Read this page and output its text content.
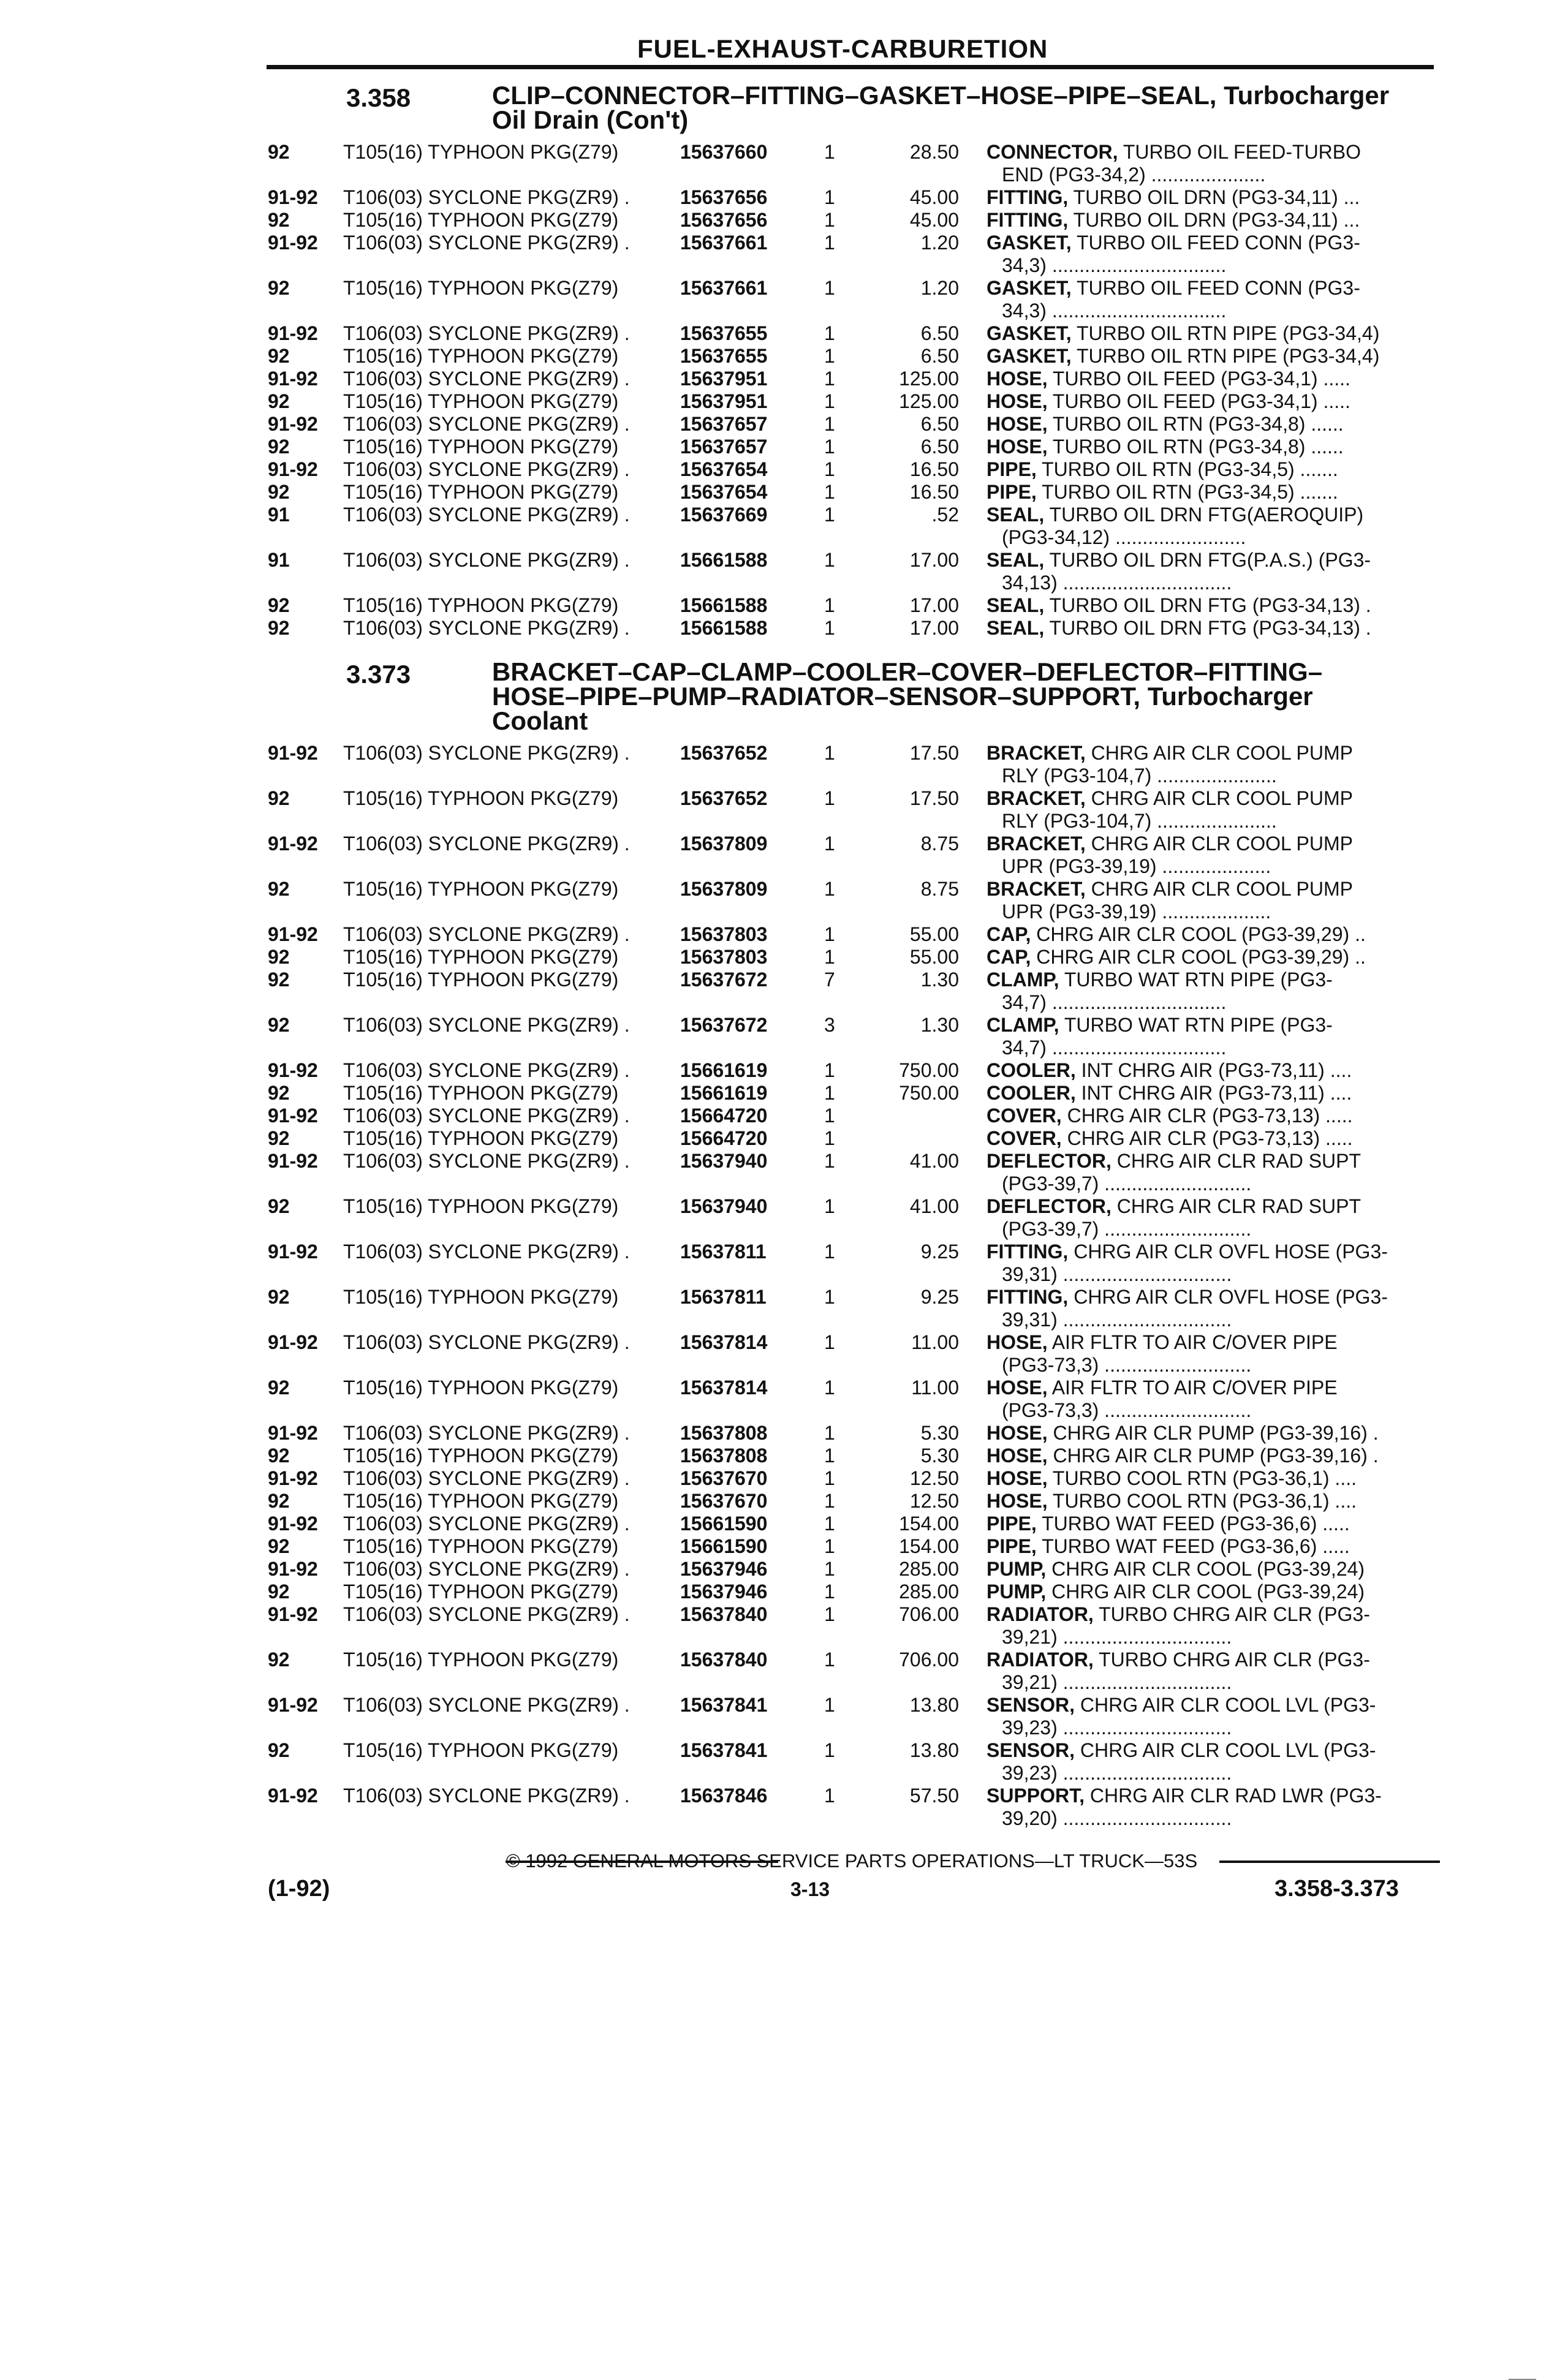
FUEL-EXHAUST-CARBURETION
3.358	CLIP–CONNECTOR–FITTING–GASKET–HOSE–PIPE–SEAL, Turbocharger
Oil Drain (Con't)
92	T105(16) TYPHOON PKG(Z79)	15637660	1	28.50 CONNECTOR, TURBO OIL FEED-TURBO
END (PG3-34,2) .....................
91-92 T106(03) SYCLONE PKG(ZR9) .	15637656	1	45.00 FITTING, TURBO OIL DRN (PG3-34,11) ...
92	T105(16) TYPHOON PKG(Z79)	15637656	1	45.00 FITTING, TURBO OIL DRN (PG3-34,11) ...
91-92 T106(03) SYCLONE PKG(ZR9) .	15637661	1	1.20 GASKET, TURBO OIL FEED CONN (PG3-
34,3) ................................
92	T105(16) TYPHOON PKG(Z79)	15637661	1	1.20 GASKET, TURBO OIL FEED CONN (PG3-
34,3) ................................
91-92 T106(03) SYCLONE PKG(ZR9) .	15637655	1	6.50 GASKET, TURBO OIL RTN PIPE (PG3-34,4)
92	T105(16) TYPHOON PKG(Z79)	15637655	1	6.50 GASKET, TURBO OIL RTN PIPE (PG3-34,4)
91-92 T106(03) SYCLONE PKG(ZR9) .	15637951	1	125.00 HOSE, TURBO OIL FEED (PG3-34,1) .....
92	T105(16) TYPHOON PKG(Z79)	15637951	1	125.00 HOSE, TURBO OIL FEED (PG3-34,1) .....
91-92 T106(03) SYCLONE PKG(ZR9) .	15637657	1	6.50 HOSE, TURBO OIL RTN (PG3-34,8) ......
92	T105(16) TYPHOON PKG(Z79)	15637657	1	6.50 HOSE, TURBO OIL RTN (PG3-34,8) ......
91-92 T106(03) SYCLONE PKG(ZR9) .	15637654	1	16.50 PIPE, TURBO OIL RTN (PG3-34,5) .......
92	T105(16) TYPHOON PKG(Z79)	15637654	1	16.50 PIPE, TURBO OIL RTN (PG3-34,5) .......
91	T106(03) SYCLONE PKG(ZR9) .	15637669	1	.52 SEAL, TURBO OIL DRN FTG(AEROQUIP)
(PG3-34,12) ........................
91	T106(03) SYCLONE PKG(ZR9) .	15661588	1	17.00 SEAL, TURBO OIL DRN FTG(P.A.S.) (PG3-
34,13) ...............................
92	T105(16) TYPHOON PKG(Z79)	15661588	1	17.00 SEAL, TURBO OIL DRN FTG (PG3-34,13) .
92	T106(03) SYCLONE PKG(ZR9) .	15661588	1	17.00 SEAL, TURBO OIL DRN FTG (PG3-34,13) .
3.373	BRACKET–CAP–CLAMP–COOLER–COVER–DEFLECTOR–FITTING–
HOSE–PIPE–PUMP–RADIATOR–SENSOR–SUPPORT, Turbocharger
Coolant
91-92 T106(03) SYCLONE PKG(ZR9) .	15637652	1	17.50 BRACKET, CHRG AIR CLR COOL PUMP
RLY (PG3-104,7) ......................
92	T105(16) TYPHOON PKG(Z79)	15637652	1	17.50 BRACKET, CHRG AIR CLR COOL PUMP
RLY (PG3-104,7) ......................
91-92 T106(03) SYCLONE PKG(ZR9) .	15637809	1	8.75 BRACKET, CHRG AIR CLR COOL PUMP
UPR (PG3-39,19) ....................
92	T105(16) TYPHOON PKG(Z79)	15637809	1	8.75 BRACKET, CHRG AIR CLR COOL PUMP
UPR (PG3-39,19) ....................
91-92 T106(03) SYCLONE PKG(ZR9) .	15637803	1	55.00 CAP, CHRG AIR CLR COOL (PG3-39,29) ..
92	T105(16) TYPHOON PKG(Z79)	15637803	1	55.00 CAP, CHRG AIR CLR COOL (PG3-39,29) ..
92	T105(16) TYPHOON PKG(Z79)	15637672	7	1.30 CLAMP, TURBO WAT RTN PIPE (PG3-
34,7) ................................
92	T106(03) SYCLONE PKG(ZR9) .	15637672	3	1.30 CLAMP, TURBO WAT RTN PIPE (PG3-
34,7) ................................
91-92 T106(03) SYCLONE PKG(ZR9) .	15661619	1	750.00 COOLER, INT CHRG AIR (PG3-73,11) ....
92	T105(16) TYPHOON PKG(Z79)	15661619	1	750.00 COOLER, INT CHRG AIR (PG3-73,11) ....
91-92 T106(03) SYCLONE PKG(ZR9) .	15664720	1	COVER, CHRG AIR CLR (PG3-73,13) .....
92	T105(16) TYPHOON PKG(Z79)	15664720	1	COVER, CHRG AIR CLR (PG3-73,13) .....
91-92 T106(03) SYCLONE PKG(ZR9) .	15637940	1	41.00 DEFLECTOR, CHRG AIR CLR RAD SUPT
(PG3-39,7) ...........................
92	T105(16) TYPHOON PKG(Z79)	15637940	1	41.00 DEFLECTOR, CHRG AIR CLR RAD SUPT
(PG3-39,7) ...........................
91-92 T106(03) SYCLONE PKG(ZR9) .	15637811	1	9.25 FITTING, CHRG AIR CLR OVFL HOSE (PG3-
39,31) ...............................
92	T105(16) TYPHOON PKG(Z79)	15637811	1	9.25 FITTING, CHRG AIR CLR OVFL HOSE (PG3-
39,31) ...............................
91-92 T106(03) SYCLONE PKG(ZR9) .	15637814	1	11.00 HOSE, AIR FLTR TO AIR C/OVER PIPE
(PG3-73,3) ...........................
92	T105(16) TYPHOON PKG(Z79)	15637814	1	11.00 HOSE, AIR FLTR TO AIR C/OVER PIPE
(PG3-73,3) ...........................
91-92 T106(03) SYCLONE PKG(ZR9) .	15637808	1	5.30 HOSE, CHRG AIR CLR PUMP (PG3-39,16) .
92	T105(16) TYPHOON PKG(Z79)	15637808	1	5.30 HOSE, CHRG AIR CLR PUMP (PG3-39,16) .
91-92 T106(03) SYCLONE PKG(ZR9) .	15637670	1	12.50 HOSE, TURBO COOL RTN (PG3-36,1) ....
92	T105(16) TYPHOON PKG(Z79)	15637670	1	12.50 HOSE, TURBO COOL RTN (PG3-36,1) ....
91-92 T106(03) SYCLONE PKG(ZR9) .	15661590	1	154.00 PIPE, TURBO WAT FEED (PG3-36,6) .....
92	T105(16) TYPHOON PKG(Z79)	15661590	1	154.00 PIPE, TURBO WAT FEED (PG3-36,6) .....
91-92 T106(03) SYCLONE PKG(ZR9) .	15637946	1	285.00 PUMP, CHRG AIR CLR COOL (PG3-39,24)
92	T105(16) TYPHOON PKG(Z79)	15637946	1	285.00 PUMP, CHRG AIR CLR COOL (PG3-39,24)
91-92 T106(03) SYCLONE PKG(ZR9) .	15637840	1	706.00 RADIATOR, TURBO CHRG AIR CLR (PG3-
39,21) ...............................
92	T105(16) TYPHOON PKG(Z79)	15637840	1	706.00 RADIATOR, TURBO CHRG AIR CLR (PG3-
39,21) ...............................
91-92 T106(03) SYCLONE PKG(ZR9) .	15637841	1	13.80 SENSOR, CHRG AIR CLR COOL LVL (PG3-
39,23) ...............................
92	T105(16) TYPHOON PKG(Z79)	15637841	1	13.80 SENSOR, CHRG AIR CLR COOL LVL (PG3-
39,23) ...............................
91-92 T106(03) SYCLONE PKG(ZR9) .	15637846	1	57.50 SUPPORT, CHRG AIR CLR RAD LWR (PG3-
39,20) ...............................
© 1992 GENERAL MOTORS SERVICE PARTS OPERATIONS—LT TRUCK—53S
(1-92)	3-13	3.358-3.373
